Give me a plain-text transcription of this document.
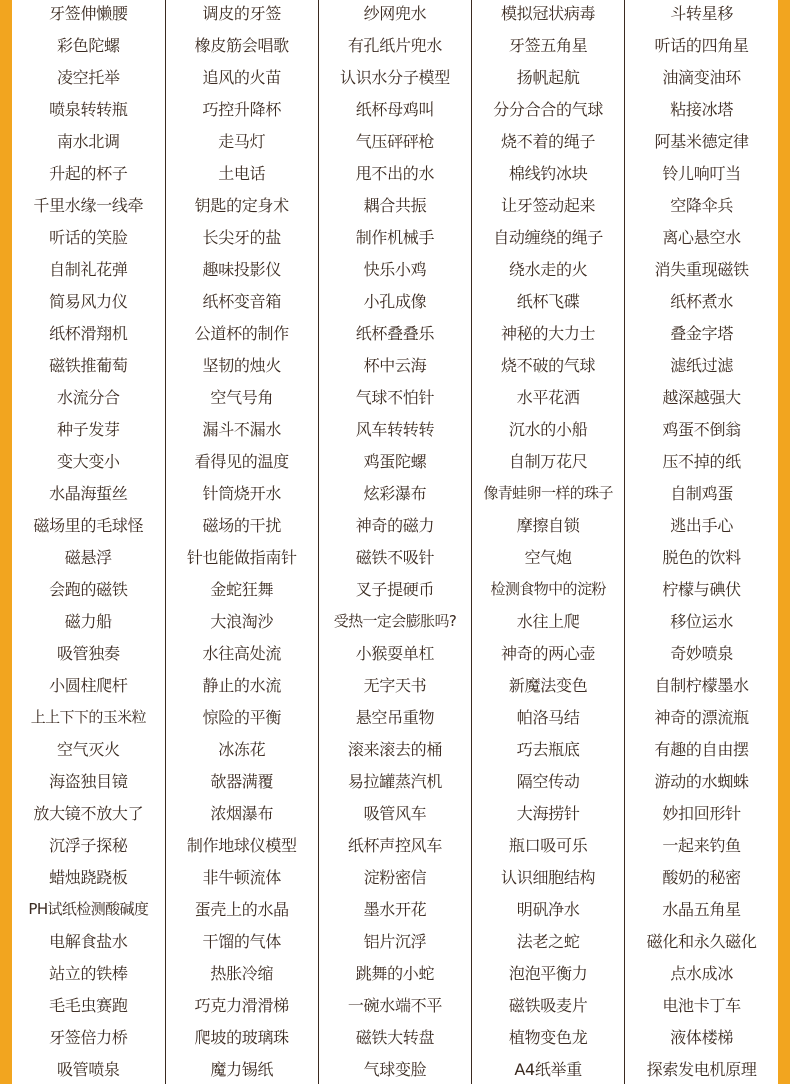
牙签伸懒腰	调皮的牙签	纱网兜水	模拟冠状病毒	斗转星移
彩色陀螺	橡皮筋会唱歌	有孔纸片兜水	牙签五角星	听话的四角星
凌空托举	追风的火苗	认识水分子模型	扬帆起航	油滴变油环
喷泉转转瓶	巧控升降杯	纸杯母鸡叫	分分合合的气球	粘接冰塔
南水北调	走马灯	气压砰砰枪	烧不着的绳子	阿基米德定律
升起的杯子	土电话	甩不出的水	棉线钓冰块	铃儿响叮当
千里水缘一线牵	钥匙的定身术	耦合共振	让牙签动起来	空降伞兵
听话的笑脸	长尖牙的盐	制作机械手	自动缠绕的绳子	离心悬空水
自制礼花弹	趣味投影仪	快乐小鸡	绕水走的火	消失重现磁铁
简易风力仪	纸杯变音箱	小孔成像	纸杯飞碟	纸杯煮水
纸杯滑翔机	公道杯的制作	纸杯叠叠乐	神秘的大力士	叠金字塔
磁铁推葡萄	坚韧的烛火	杯中云海	烧不破的气球	滤纸过滤
水流分合	空气号角	气球不怕针	水平花洒	越深越强大
种子发芽	漏斗不漏水	风车转转转	沉水的小船	鸡蛋不倒翁
变大变小	看得见的温度	鸡蛋陀螺	自制万花尺	压不掉的纸
水晶海蜇丝	针筒烧开水	炫彩瀑布	像青蛙卵一样的珠子	自制鸡蛋
磁场里的毛球怪	磁场的干扰	神奇的磁力	摩擦自锁	逃出手心
磁悬浮	针也能做指南针	磁铁不吸针	空气炮	脱色的饮料
会跑的磁铁	金蛇狂舞	叉子提硬币	检测食物中的淀粉	柠檬与碘伏
磁力船	大浪淘沙	受热一定会膨胀吗?	水往上爬	移位运水
吸管独奏	水往高处流	小猴耍单杠	神奇的两心壶	奇妙喷泉
小圆柱爬杆	静止的水流	无字天书	新魔法变色	自制柠檬墨水
上上下下的玉米粒	惊险的平衡	悬空吊重物	帕洛马结	神奇的漂流瓶
空气灭火	冰冻花	滚来滚去的桶	巧去瓶底	有趣的自由摆
海盗独目镜	欹器满覆	易拉罐蒸汽机	隔空传动	游动的水蜘蛛
放大镜不放大了	浓烟瀑布	吸管风车	大海捞针	妙扣回形针
沉浮子探秘	制作地球仪模型	纸杯声控风车	瓶口吸可乐	一起来钓鱼
蜡烛跷跷板	非牛顿流体	淀粉密信	认识细胞结构	酸奶的秘密
PH试纸检测酸碱度	蛋壳上的水晶	墨水开花	明矾净水	水晶五角星
电解食盐水	干馏的气体	铝片沉浮	法老之蛇	磁化和永久磁化
站立的铁棒	热胀冷缩	跳舞的小蛇	泡泡平衡力	点水成冰
毛毛虫赛跑	巧克力滑滑梯	一碗水端不平	磁铁吸麦片	电池卡丁车
牙签倍力桥	爬坡的玻璃珠	磁铁大转盘	植物变色龙	液体楼梯
吸管喷泉	魔力锡纸	气球变脸	A4纸举重	探索发电机原理
